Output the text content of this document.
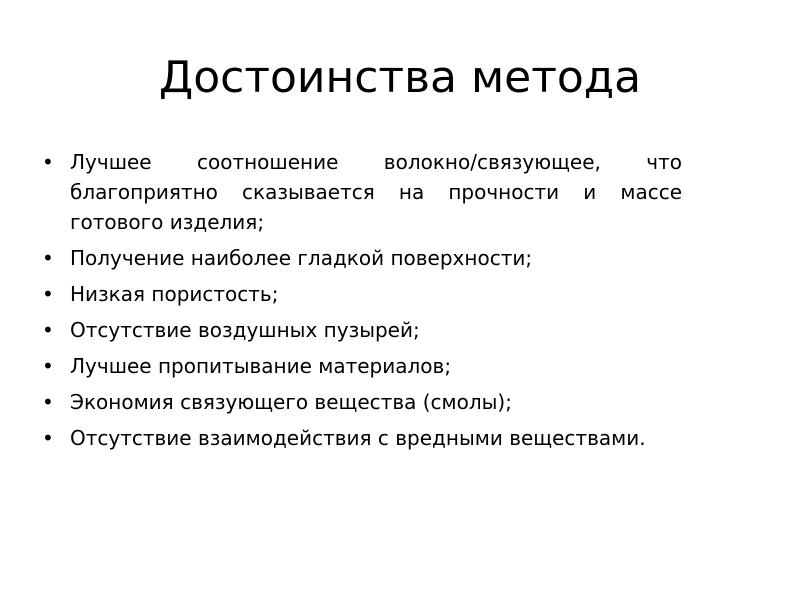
Достоинства метода
• Лучшее соотношение волокно/связующее, что благоприятно сказывается на прочности и массе готового изделия;
• Получение наиболее гладкой поверхности;
• Низкая пористость;
• Отсутствие воздушных пузырей;
• Лучшее пропитывание материалов;
• Экономия связующего вещества (смолы);
• Отсутствие взаимодействия с вредными веществами.
